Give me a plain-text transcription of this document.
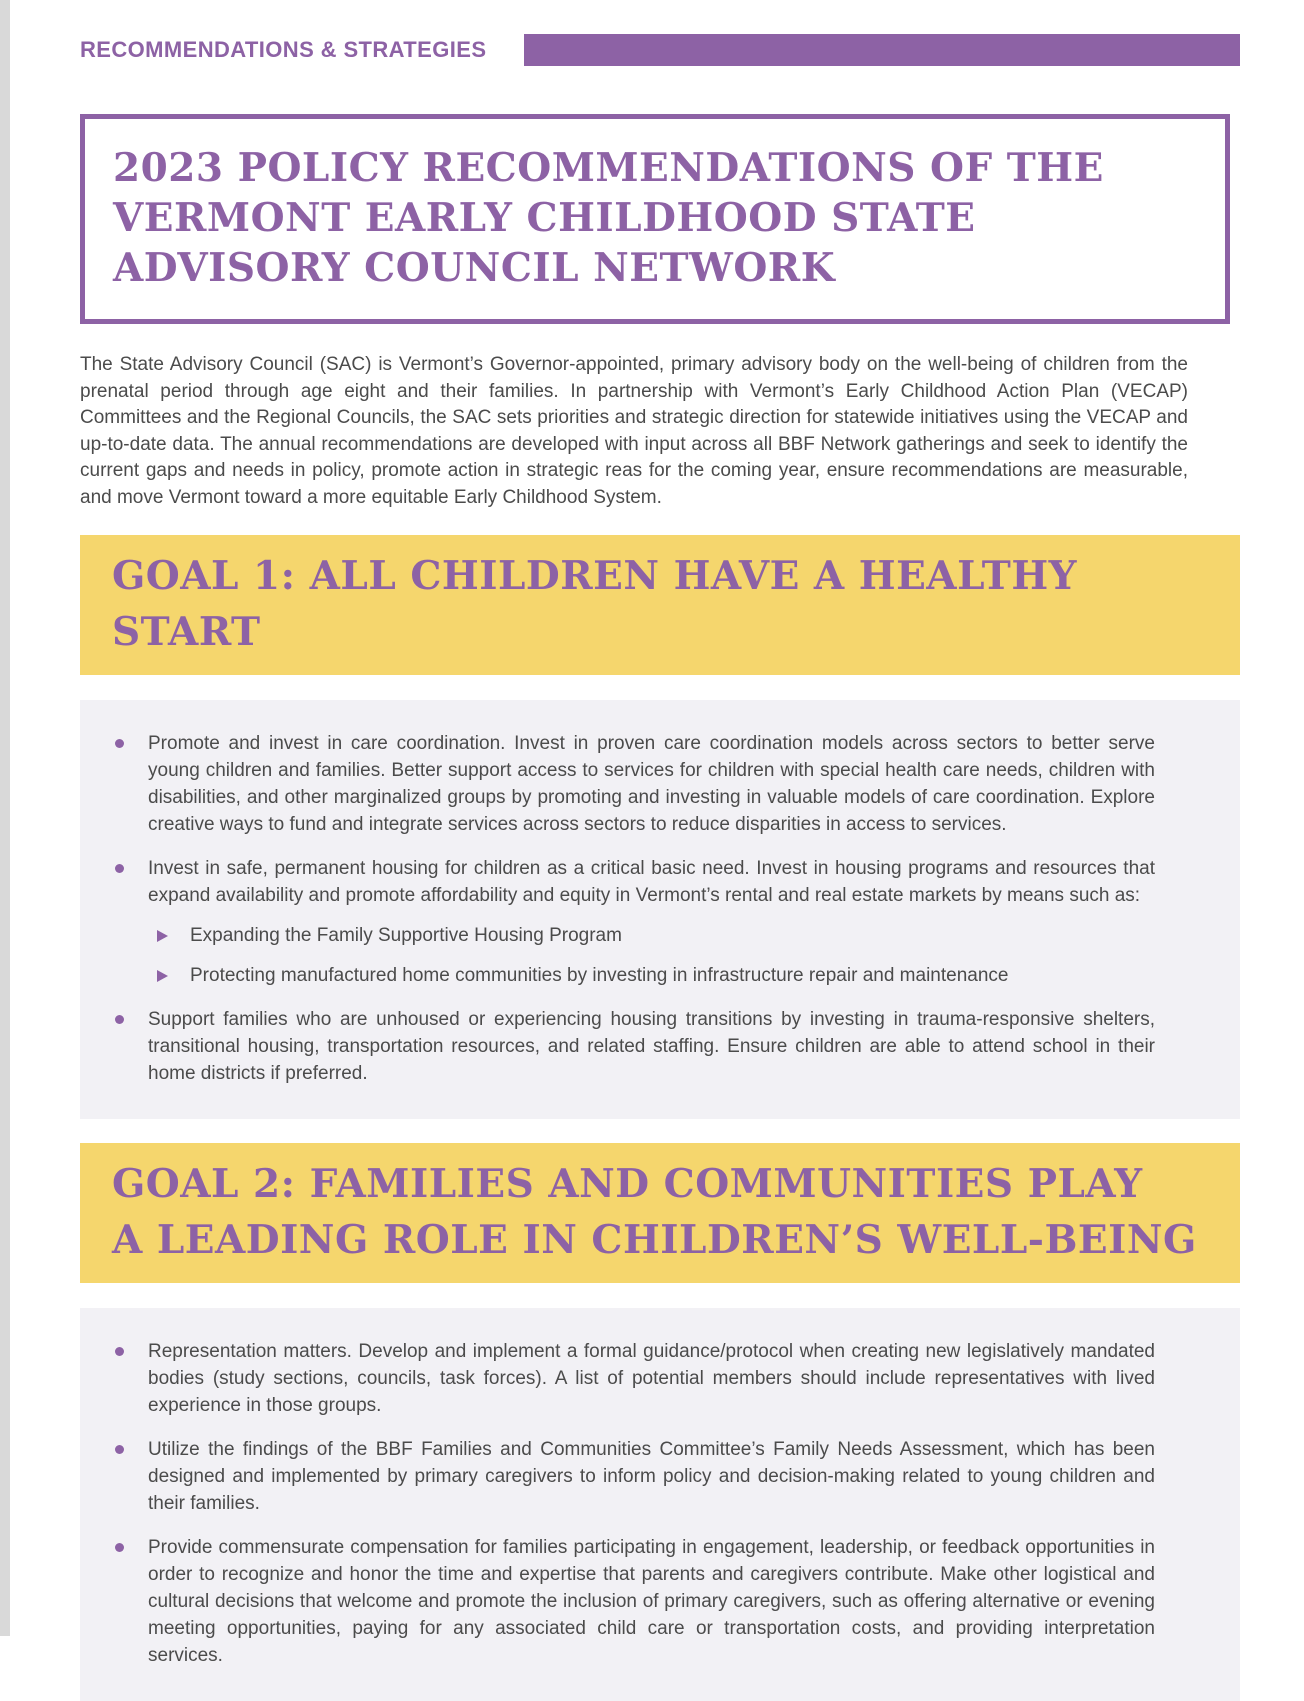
RECOMMENDATIONS & STRATEGIES
2023 POLICY RECOMMENDATIONS OF THE VERMONT EARLY CHILDHOOD STATE ADVISORY COUNCIL NETWORK

The State Advisory Council (SAC) is Vermont’s Governor-appointed, primary advisory body on the well-being of children from the prenatal period through age eight and their families. In partnership with Vermont’s Early Childhood Action Plan (VECAP) Committees and the Regional Councils, the SAC sets priorities and strategic direction for statewide initiatives using the VECAP and up-to-date data. The annual recommendations are developed with input across all BBF Network gatherings and seek to identify the current gaps and needs in policy, promote action in strategic reas for the coming year, ensure recommendations are measurable, and move Vermont toward a more equitable Early Childhood System.

GOAL 1: ALL CHILDREN HAVE A HEALTHY START

Promote and invest in care coordination. Invest in proven care coordination models across sectors to better serve young children and families. Better support access to services for children with special health care needs, children with disabilities, and other marginalized groups by promoting and investing in valuable models of care coordination. Explore creative ways to fund and integrate services across sectors to reduce disparities in access to services.

Invest in safe, permanent housing for children as a critical basic need. Invest in housing programs and resources that expand availability and promote affordability and equity in Vermont’s rental and real estate markets by means such as:

Expanding the Family Supportive Housing Program

Protecting manufactured home communities by investing in infrastructure repair and maintenance

Support families who are unhoused or experiencing housing transitions by investing in trauma-responsive shelters, transitional housing, transportation resources, and related staffing. Ensure children are able to attend school in their home districts if preferred.

GOAL 2: FAMILIES AND COMMUNITIES PLAY
A LEADING ROLE IN CHILDREN’S WELL-BEING

Representation matters. Develop and implement a formal guidance/protocol when creating new legislatively mandated bodies (study sections, councils, task forces). A list of potential members should include representatives with lived experience in those groups.

Utilize the findings of the BBF Families and Communities Committee’s Family Needs Assessment, which has been designed and implemented by primary caregivers to inform policy and decision-making related to young children and their families.

Provide commensurate compensation for families participating in engagement, leadership, or feedback opportunities in order to recognize and honor the time and expertise that parents and caregivers contribute. Make other logistical and cultural decisions that welcome and promote the inclusion of primary caregivers, such as offering alternative or evening meeting opportunities, paying for any associated child care or transportation costs, and providing interpretation services.
